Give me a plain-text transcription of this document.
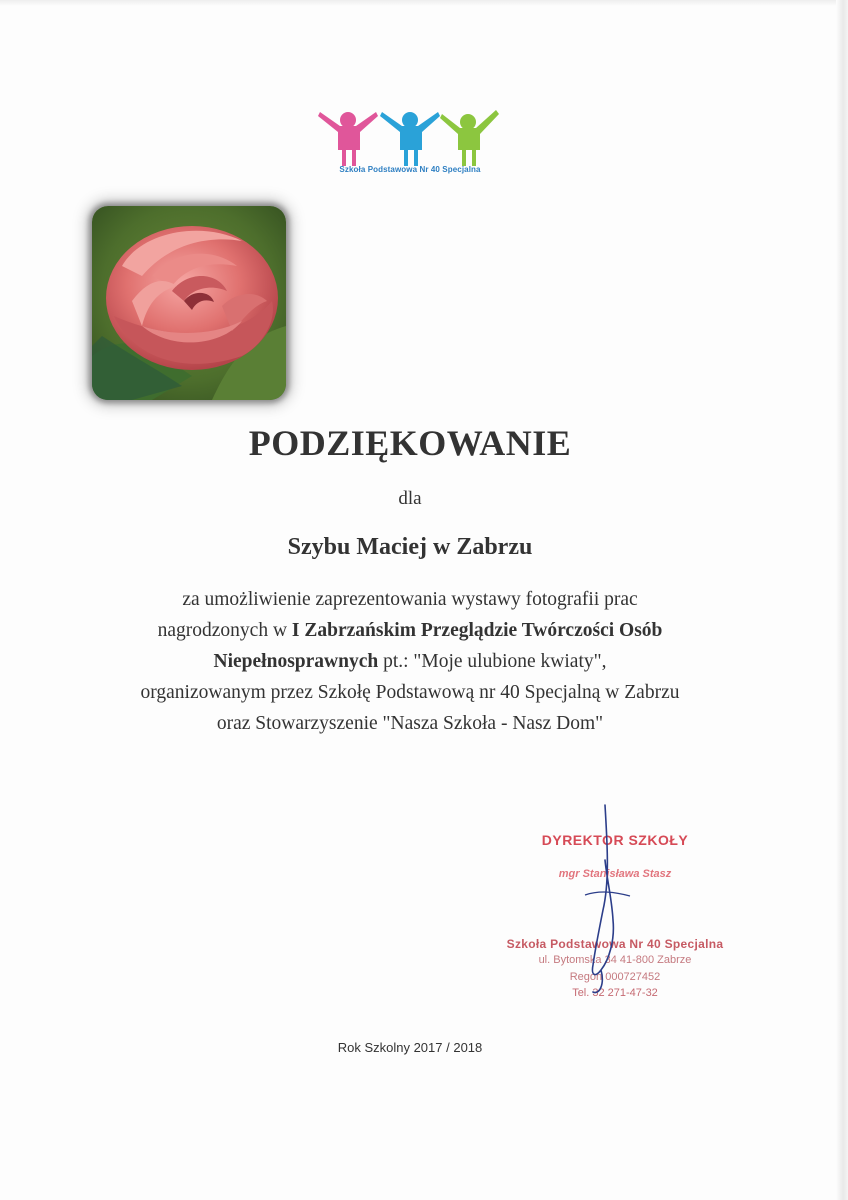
Szkoła Podstawowa Nr 40 Specjalna
PODZIĘKOWANIE
dla
Szybu Maciej w Zabrzu
za umożliwienie zaprezentowania wystawy fotografii prac
nagrodzonych w I Zabrzańskim Przeglądzie Twórczości Osób
Niepełnosprawnych pt.: "Moje ulubione kwiaty",
organizowanym przez Szkołę Podstawową nr 40 Specjalną w Zabrzu
oraz Stowarzyszenie "Nasza Szkoła - Nasz Dom"
DYREKTOR SZKOŁY
mgr Stanisława Stasz
Szkoła Podstawowa Nr 40 Specjalna
ul. Bytomska 34 41-800 Zabrze
Regon 000727452
Tel. 32 271-47-32
Rok Szkolny 2017 / 2018
